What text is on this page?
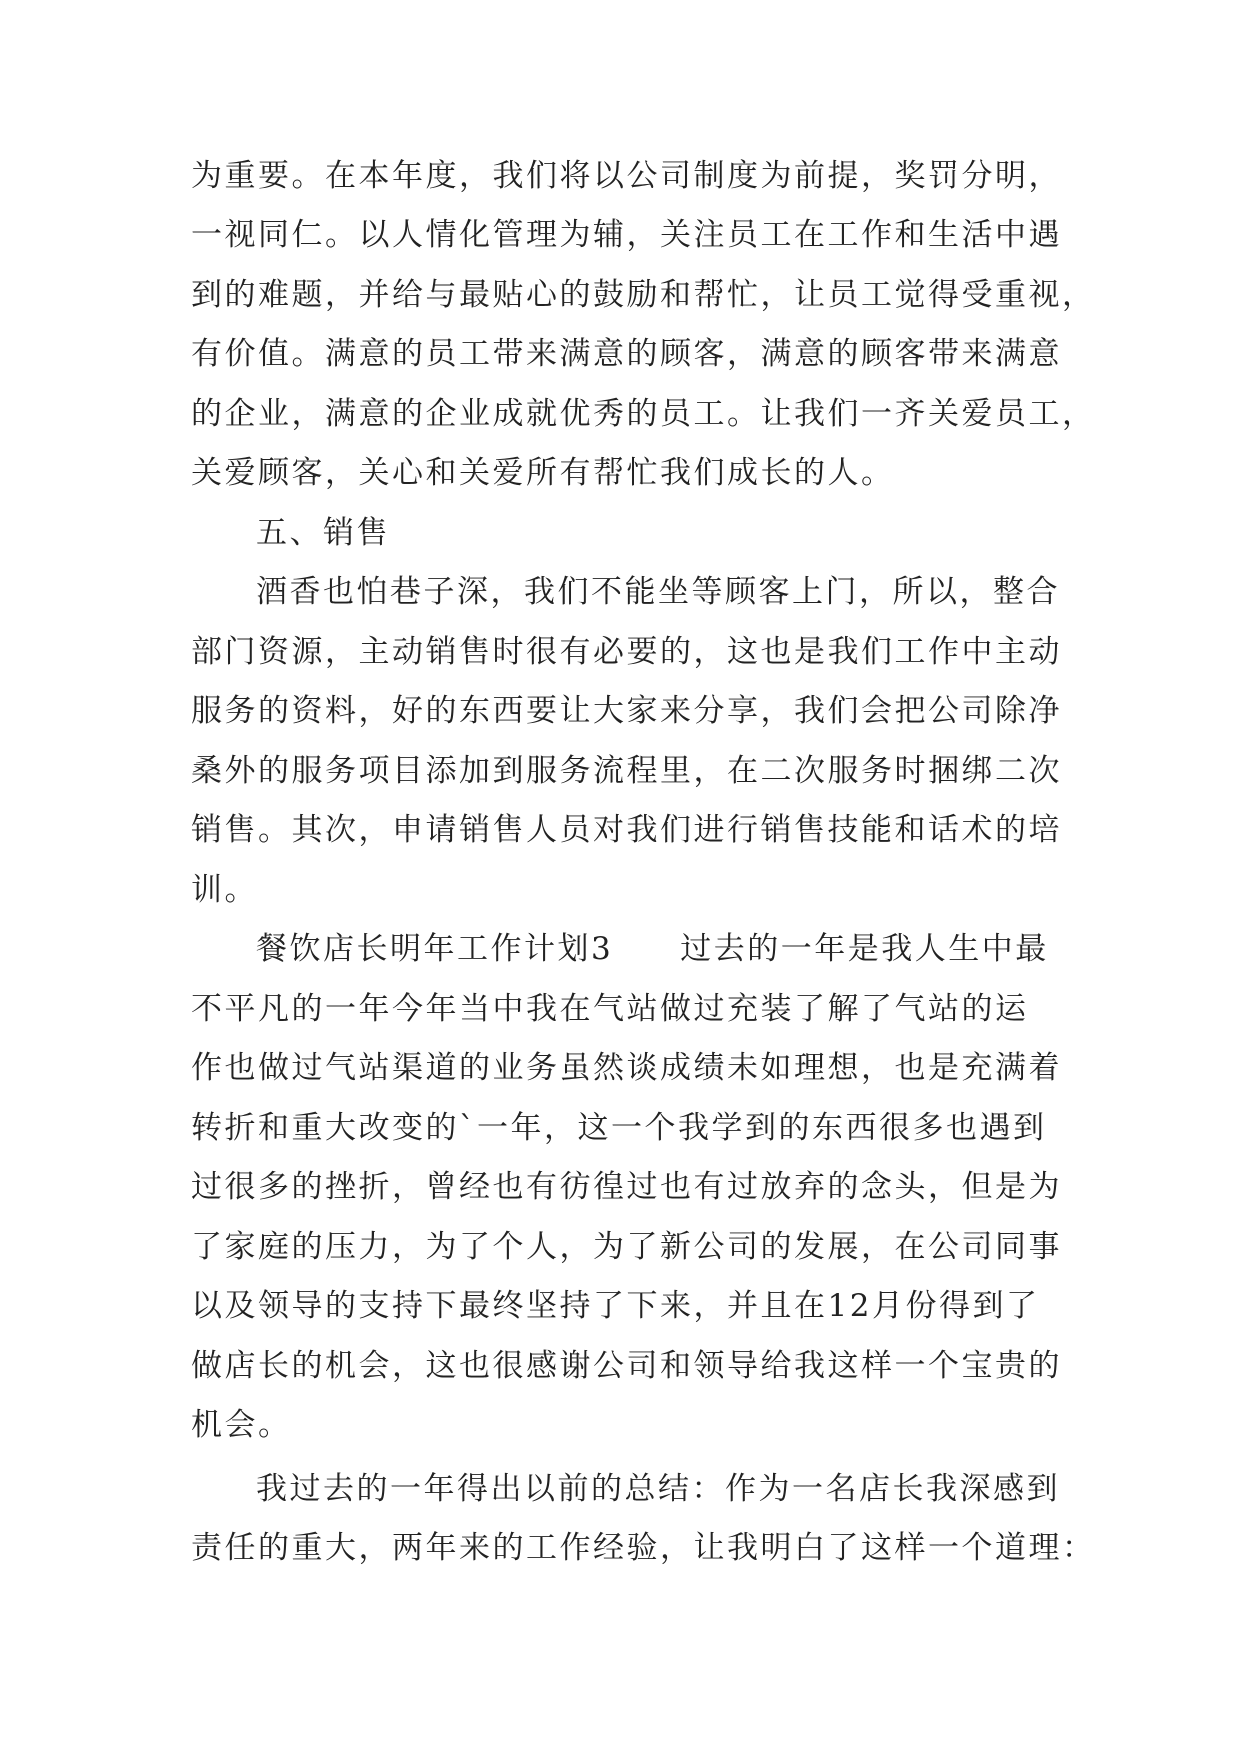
为重要。在本年度，我们将以公司制度为前提，奖罚分明，
一视同仁。以人情化管理为辅，关注员工在工作和生活中遇
到的难题，并给与最贴心的鼓励和帮忙，让员工觉得受重视，
有价值。满意的员工带来满意的顾客，满意的顾客带来满意
的企业，满意的企业成就优秀的员工。让我们一齐关爱员工，
关爱顾客，关心和关爱所有帮忙我们成长的人。
五、销售
酒香也怕巷子深，我们不能坐等顾客上门，所以，整合
部门资源，主动销售时很有必要的，这也是我们工作中主动
服务的资料，好的东西要让大家来分享，我们会把公司除净
桑外的服务项目添加到服务流程里，在二次服务时捆绑二次
销售。其次，申请销售人员对我们进行销售技能和话术的培
训。
餐饮店长明年工作计划3　　过去的一年是我人生中最
不平凡的一年今年当中我在气站做过充装了解了气站的运
作也做过气站渠道的业务虽然谈成绩未如理想，也是充满着
转折和重大改变的`一年，这一个我学到的东西很多也遇到
过很多的挫折，曾经也有彷徨过也有过放弃的念头，但是为
了家庭的压力，为了个人，为了新公司的发展，在公司同事
以及领导的支持下最终坚持了下来，并且在12月份得到了
做店长的机会，这也很感谢公司和领导给我这样一个宝贵的
机会。
我过去的一年得出以前的总结：作为一名店长我深感到
责任的重大，两年来的工作经验，让我明白了这样一个道理：
